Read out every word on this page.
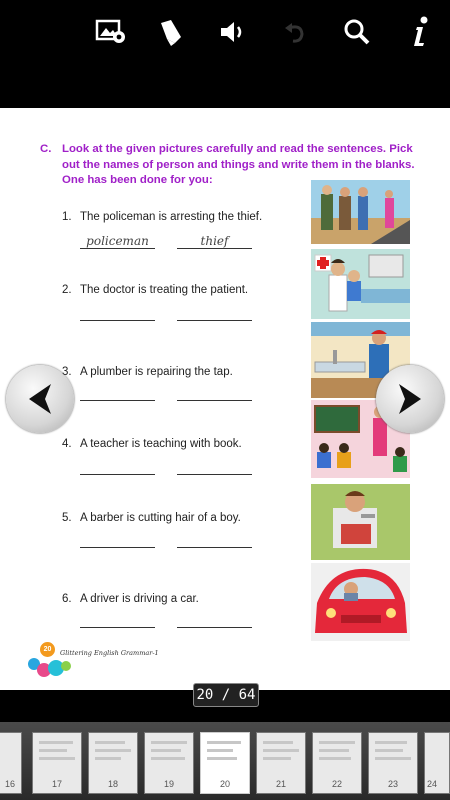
C. Look at the given pictures carefully and read the sentences. Pick out the names of person and things and write them in the blanks. One has been done for you:
1. The policeman is arresting the thief.
policeman	thief
2. The doctor is treating the patient.
3. A plumber is repairing the tap.
4. A teacher is teaching with book.
5. A barber is cutting hair of a boy.
6. A driver is driving a car.
20	Glittering English Grammar-1
20 / 64
16	17	18	19	20	21	22	23	24
